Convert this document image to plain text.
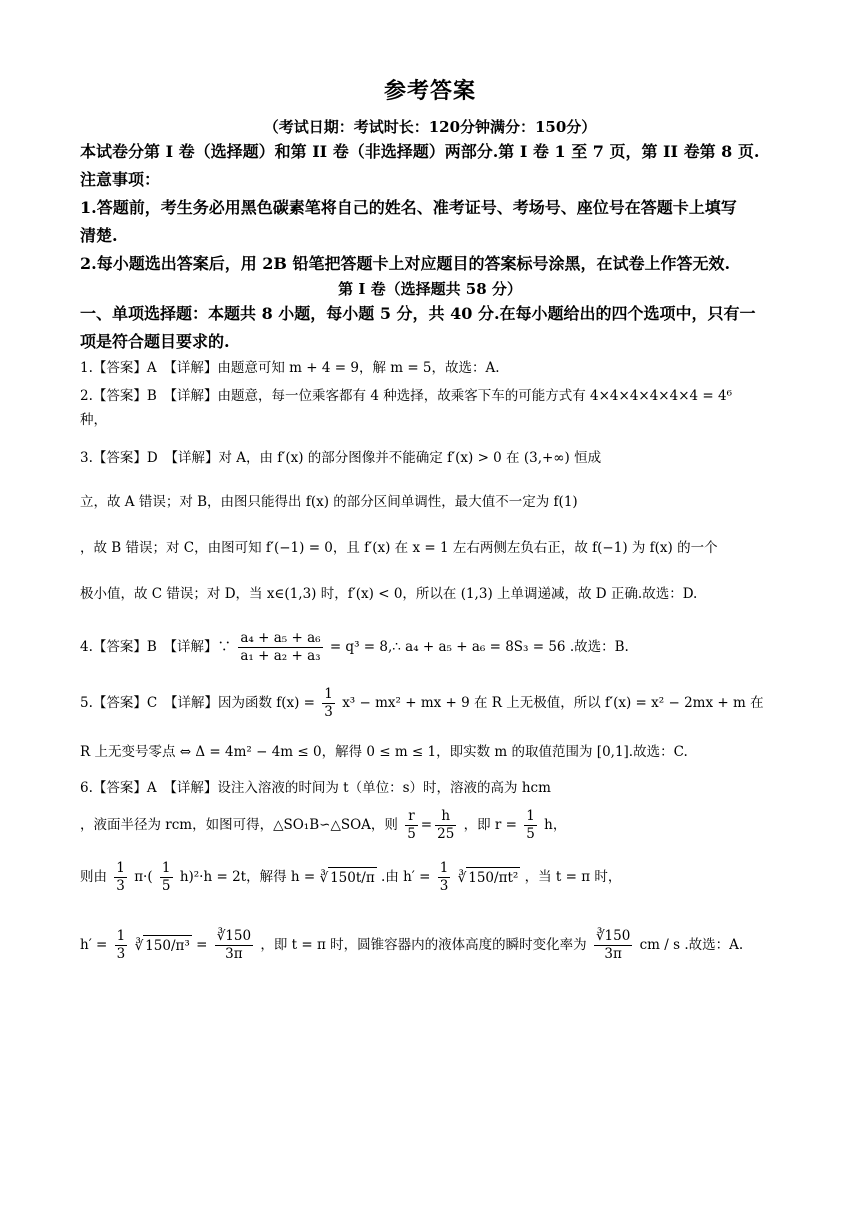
参考答案
（考试日期：考试时长：120分钟满分：150分）
本试卷分第 I 卷（选择题）和第 II 卷（非选择题）两部分.第 I 卷 1 至 7 页，第 II 卷第 8 页.
注意事项：
1.答题前，考生务必用黑色碳素笔将自己的姓名、准考证号、考场号、座位号在答题卡上填写
清楚.
2.每小题选出答案后，用 2B 铅笔把答题卡上对应题目的答案标号涂黑，在试卷上作答无效.
第 I 卷（选择题共 58 分）
一、单项选择题：本题共 8 小题，每小题 5 分，共 40 分.在每小题给出的四个选项中，只有一
项是符合题目要求的.
1.【答案】A　【详解】由题意可知 m + 4 = 9，解 m = 5，故选：A.
2.【答案】B　【详解】由题意，每一位乘客都有 4 种选择，故乘客下车的可能方式有 4×4×4×4×4×4 = 4⁶
种，
3.【答案】D　【详解】对 A，由 f′(x) 的部分图像并不能确定 f′(x) > 0 在 (3,+∞) 恒成
立，故 A 错误；对 B，由图只能得出 f(x) 的部分区间单调性，最大值不一定为 f(1)
，故 B 错误；对 C，由图可知 f′(−1) = 0，且 f′(x) 在 x = 1 左右两侧左负右正，故 f(−1) 为 f(x) 的一个
极小值，故 C 错误；对 D，当 x∈(1,3) 时，f′(x) < 0，所以在 (1,3) 上单调递减，故 D 正确.故选：D.
4.【答案】B　【详解】∵ $\frac{\text{a₄ + a₅ + a₆}}{\text{a₁ + a₂ + a₃}} = q^3$ = 8,∴ a₄ + a₅ + a₆ = 8S₃ = 56 .故选：B.
5.【答案】C　【详解】因为函数 $f(x) = \frac{1}{3} x^3 - mx^2$ + mx + 9 在 R 上无极值，所以 f′(x) = x² − 2mx + m 在
R 上无变号零点 ⇔ Δ = 4m² − 4m ≤ 0，解得 0 ≤ m ≤ 1，即实数 m 的取值范围为 [0,1].故选：C.
6.【答案】A　【详解】设注入溶液的时间为 t（单位：s）时，溶液的高为 hcm
，液面半径为 rcm，如图可得，△SO₁B∽△SOA，则 $\frac{r}{5} = \frac{h}{25}$ ，即 $r = \frac{1}{5}$ h，
则由 $\frac{1}{3} \pi\cdot( \frac{1}{5} h)^2\cdot h = 2t$，解得 h = ∛ 150t/π .由 $h' = \frac{1}{3}$ ∛ 150/πt² ，当 t = π 时，
$h' = \frac{1}{3}$ ∛ $150/\pi^3 = \frac{∛150}{3\pi}$ ，即 t = π 时，圆锥容器内的液体高度的瞬时变化率为 $\frac{∛150}{3\pi}$ cm / s .故选：A.
